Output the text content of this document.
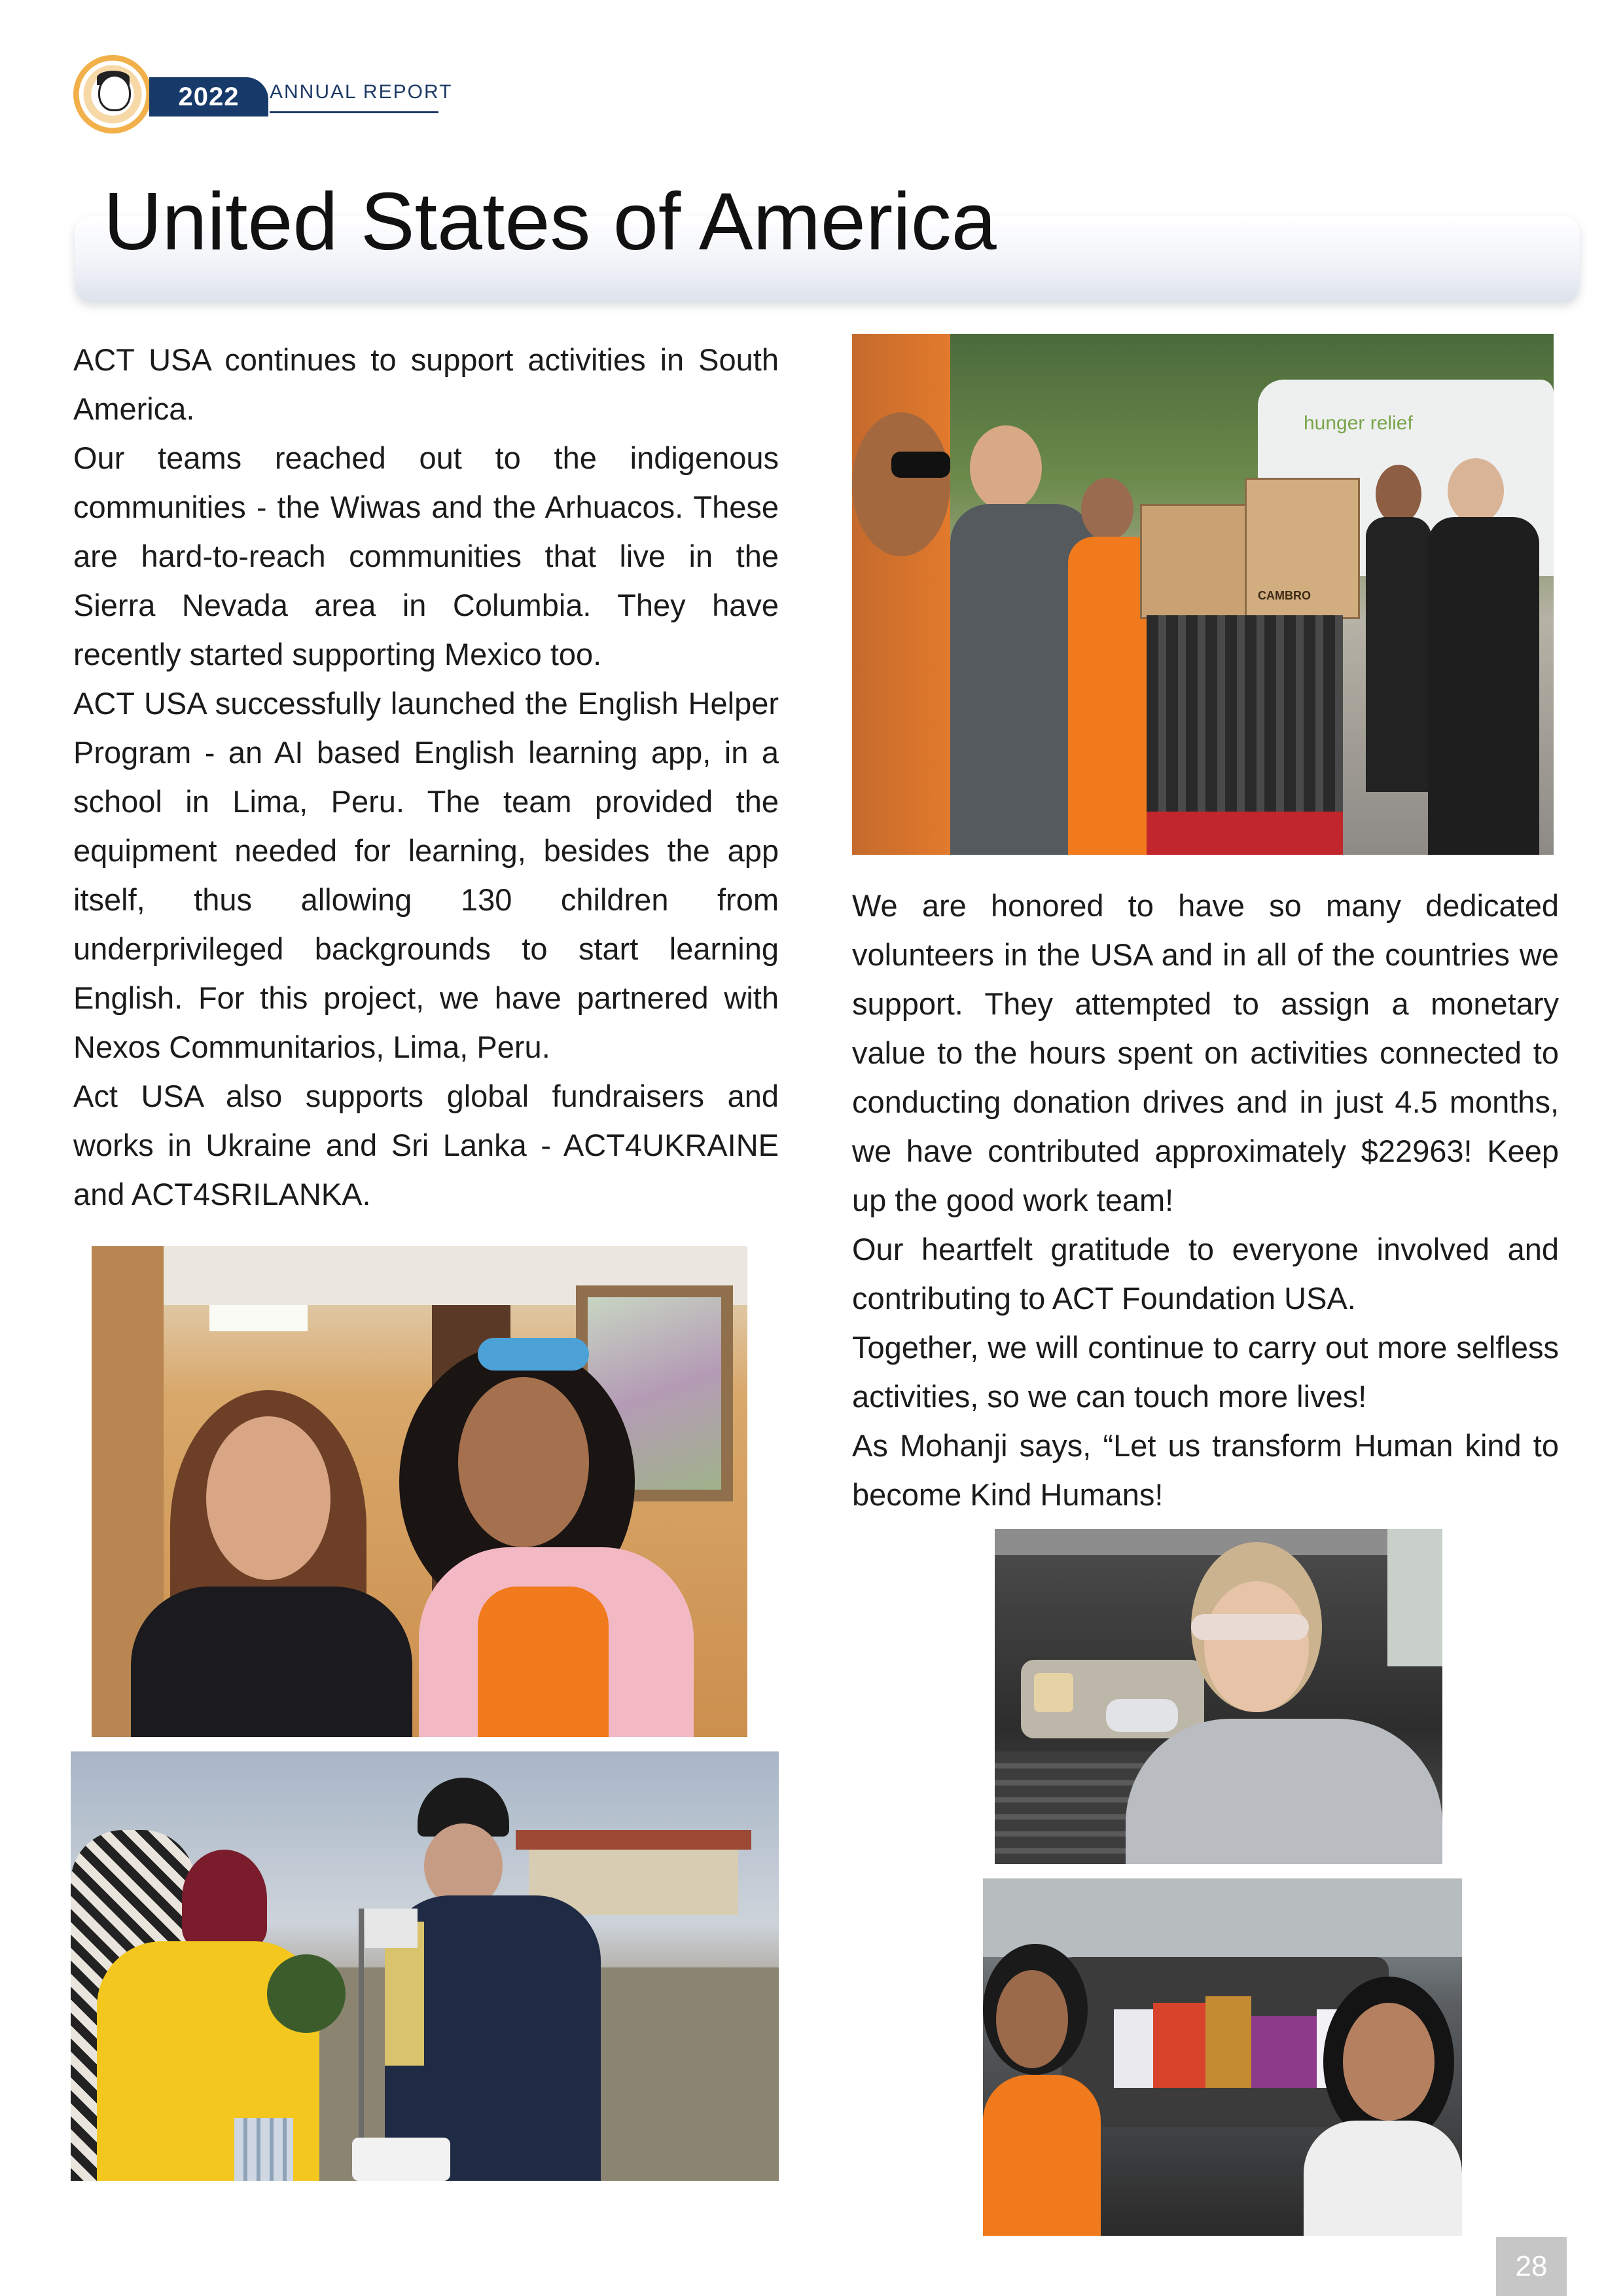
2022	ANNUAL REPORT
United States of America

ACT USA continues to support activities in South America.

Our teams reached out to the indigenous communities - the Wiwas and the Arhuacos. These are hard-to-reach communities that live in the Sierra Nevada area in Columbia. They have recently started supporting Mexico too.

ACT USA successfully launched the English Helper Program - an AI based English learning app, in a school in Lima, Peru. The team provided the equipment needed for learning, besides the app itself, thus allowing 130 children from underprivileged backgrounds to start learning English. For this project, we have partnered with Nexos Communitarios, Lima, Peru.

Act USA also supports global fundraisers and works in Ukraine and Sri Lanka - ACT4UKRAINE and ACT4SRILANKA.

We are honored to have so many dedicated volunteers in the USA and in all of the countries we support. They attempted to assign a monetary value to the hours spent on activities connected to conducting donation drives and in just 4.5 months, we have contributed approximately $22963! Keep up the good work team!

Our heartfelt gratitude to everyone involved and contributing to ACT Foundation USA.

Together, we will continue to carry out more selfless activities, so we can touch more lives!

As Mohanji says, “Let us transform Human kind to become Kind Humans!

hunger relief
CAMBRO
28
